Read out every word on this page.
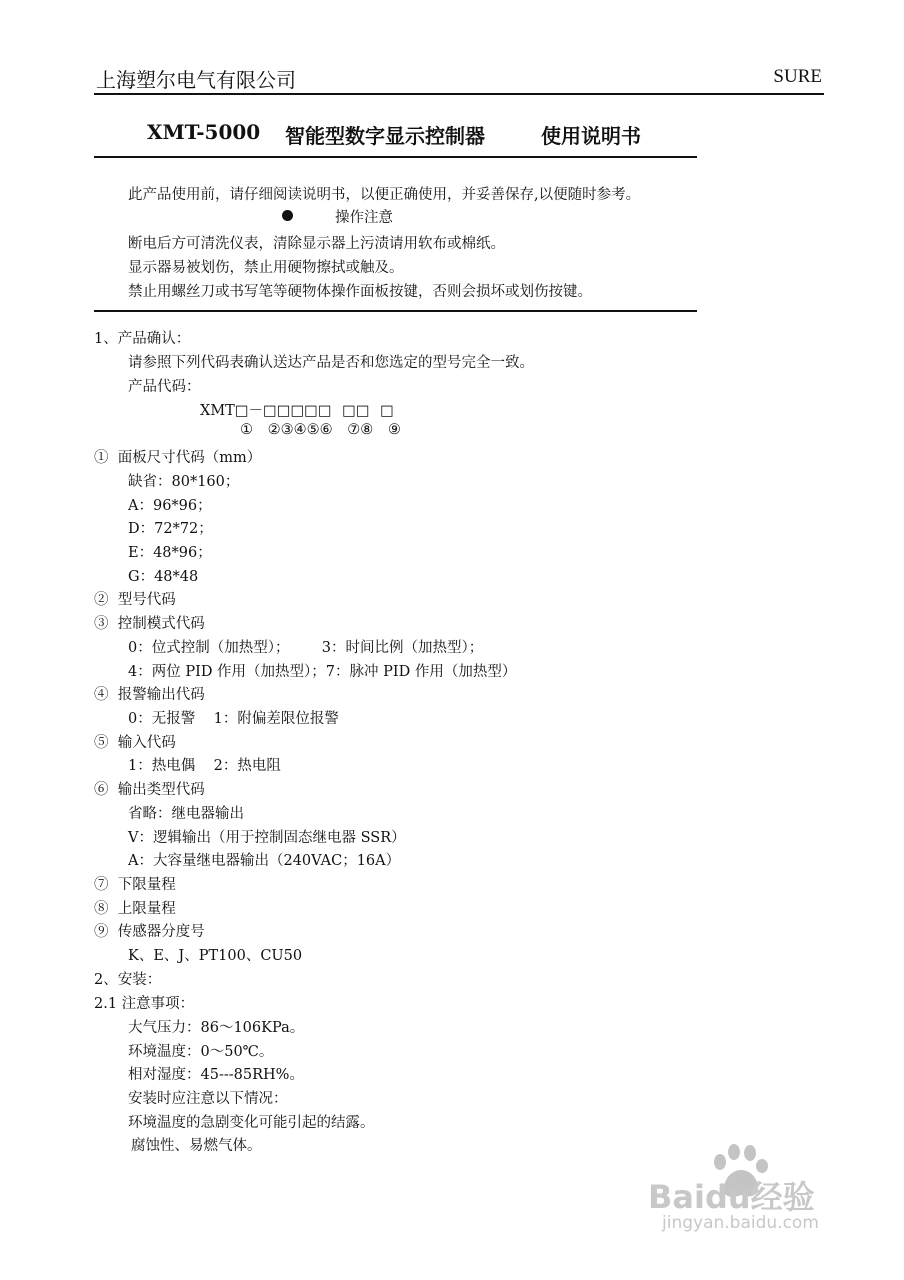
上海塑尔电气有限公司	SURE
XMT-5000 智能型数字显示控制器	使用说明书
此产品使用前，请仔细阅读说明书，以便正确使用，并妥善保存,以便随时参考。
操作注意
断电后方可清洗仪表，清除显示器上污渍请用软布或棉纸。
显示器易被划伤，禁止用硬物擦拭或触及。
禁止用螺丝刀或书写笔等硬物体操作面板按键，否则会损坏或划伤按键。
1、产品确认：
请参照下列代码表确认送达产品是否和您选定的型号完全一致。
产品代码：
XMT□－□□□□□ □□ □
① ②③④⑤⑥ ⑦⑧ ⑨
①  面板尺寸代码（mm）
缺省：80*160；
A：96*96；
D：72*72；
E：48*96；
G：48*48
②  型号代码
③  控制模式代码
0：位式控制（加热型）；       3：时间比例（加热型）；
4：两位 PID 作用（加热型）；7：脉冲 PID 作用（加热型）
④  报警输出代码
0：无报警    1：附偏差限位报警
⑤  输入代码
1：热电偶    2：热电阻
⑥  输出类型代码
省略：继电器输出
V：逻辑输出（用于控制固态继电器 SSR）
A：大容量继电器输出（240VAC；16A）
⑦  下限量程
⑧  上限量程
⑨  传感器分度号
K、E、J、PT100、CU50
2、安装：
2.1 注意事项：
大气压力：86～106KPa。
环境温度：0～50℃。
相对湿度：45---85RH%。
安装时应注意以下情况：
环境温度的急剧变化可能引起的结露。
腐蚀性、易燃气体。
Baidu经验
jingyan.baidu.com
